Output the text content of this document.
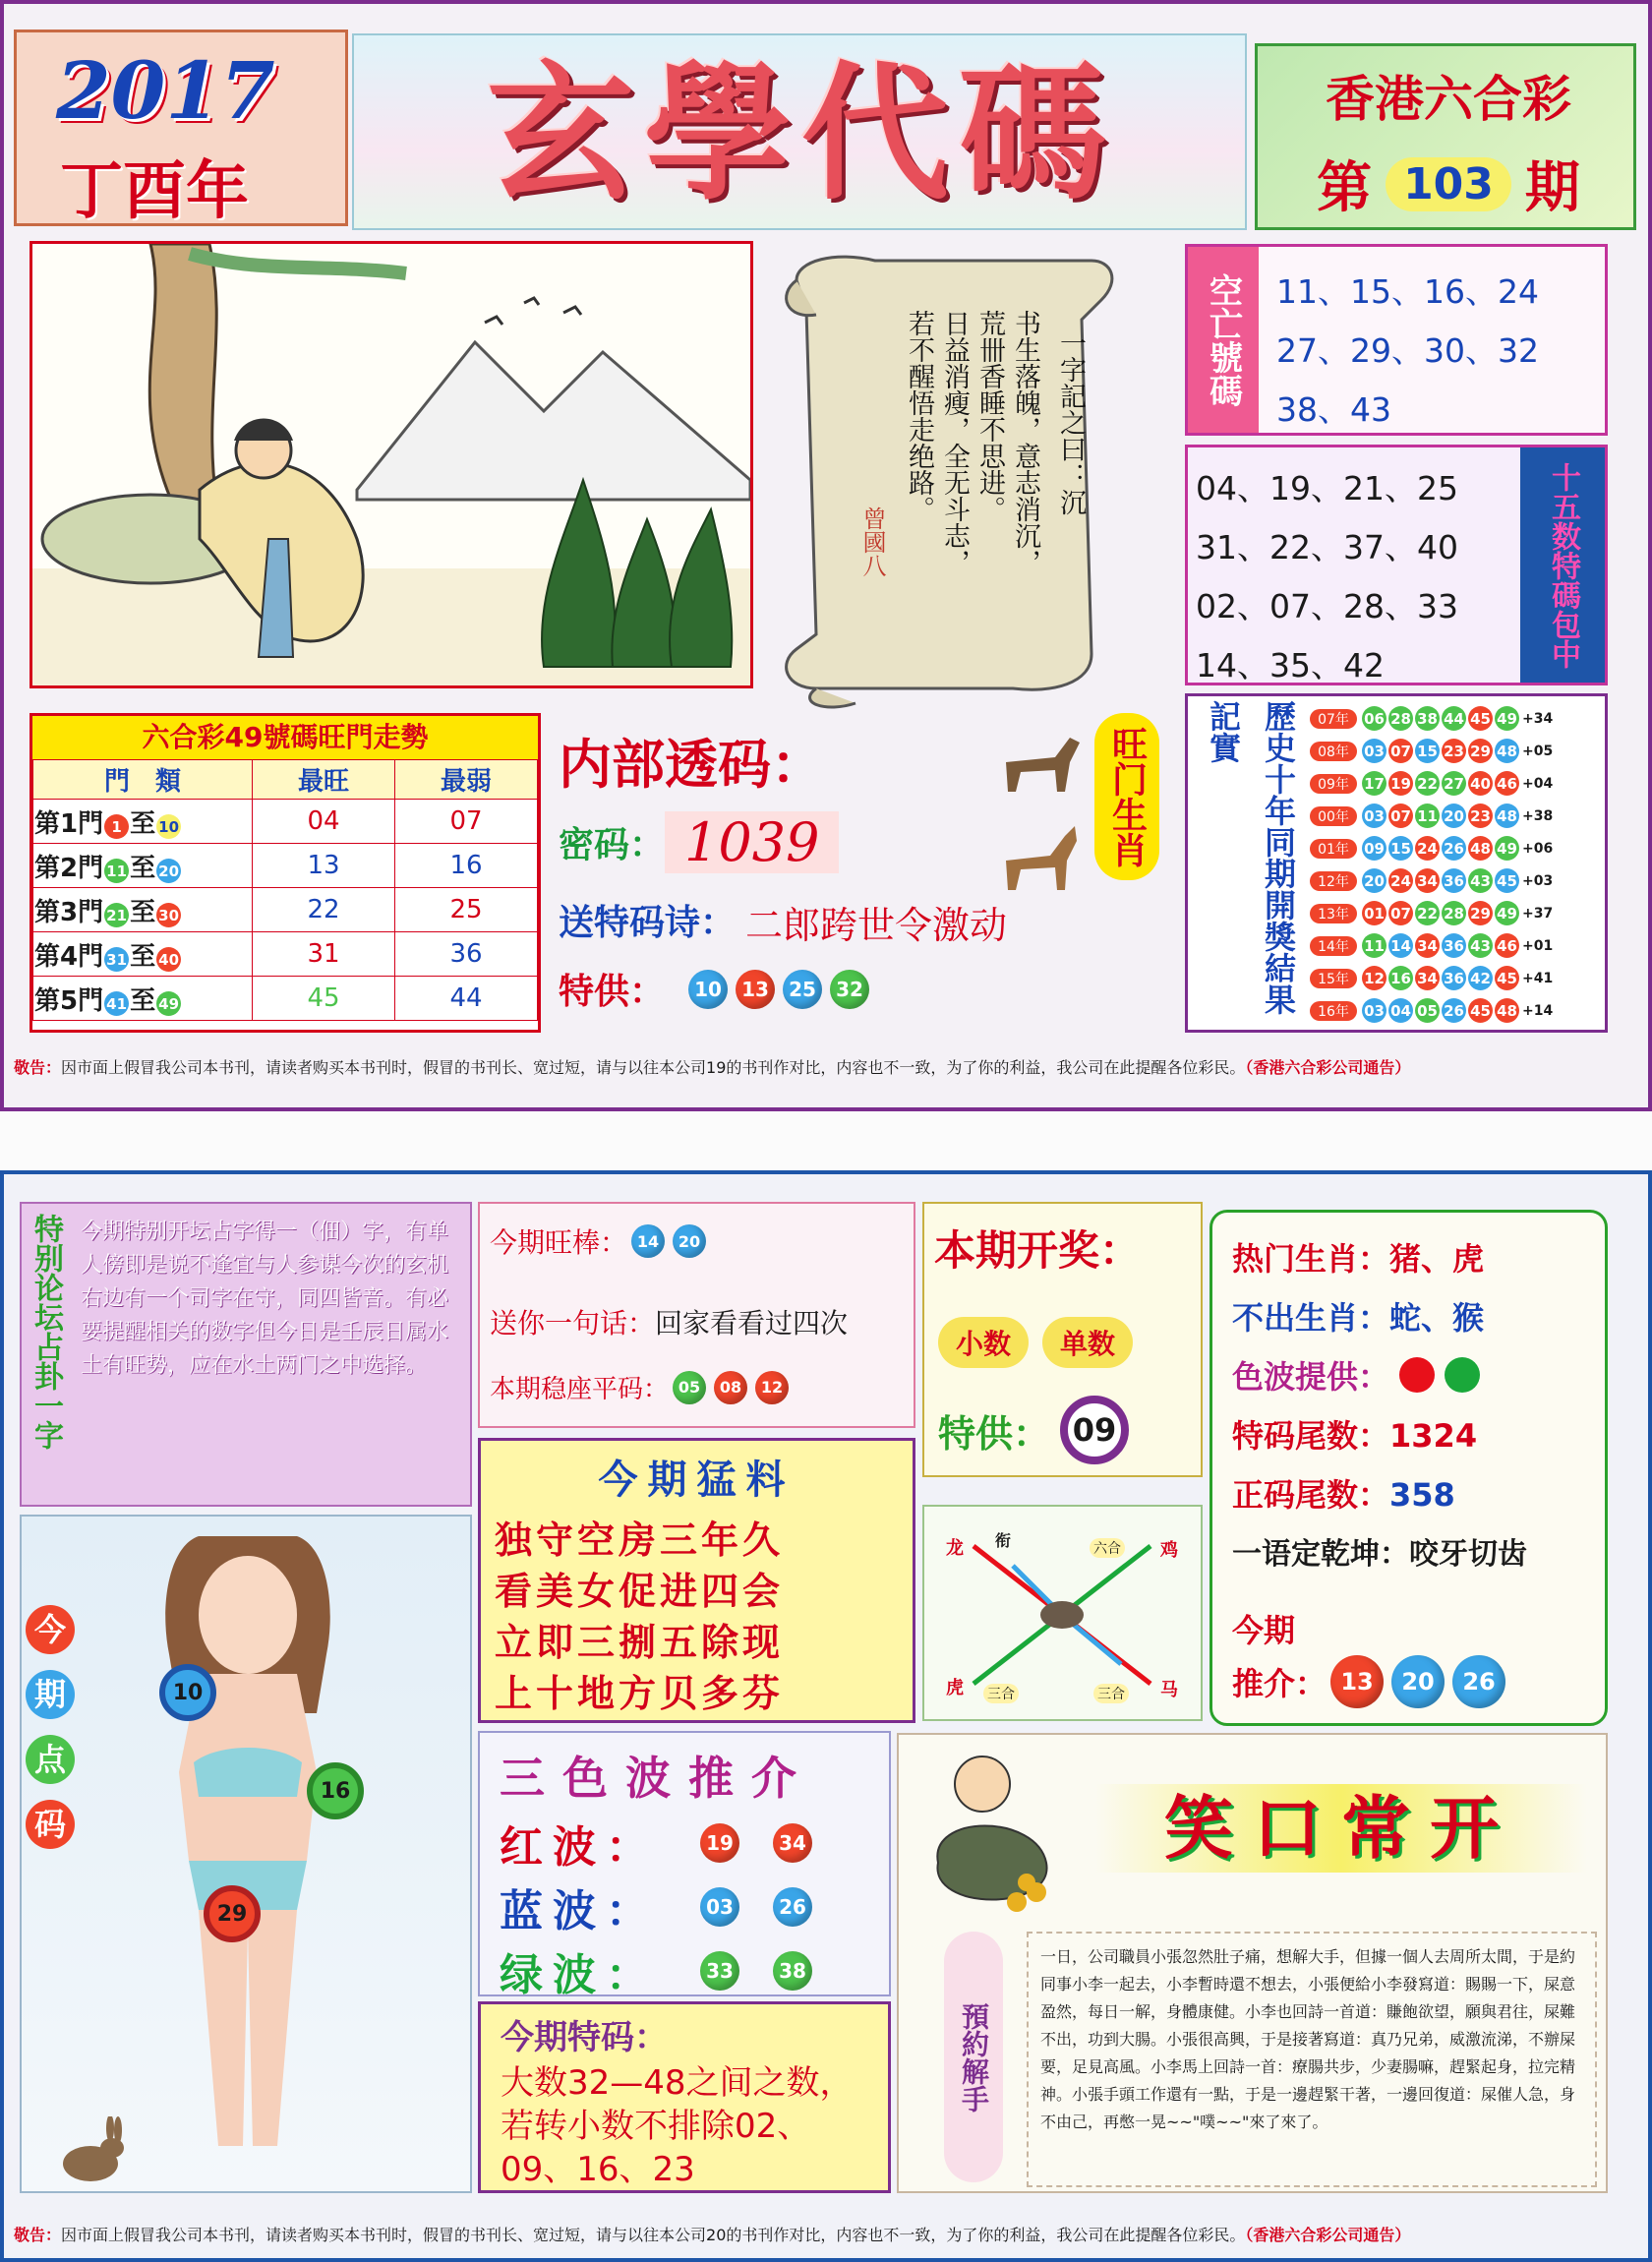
2017
丁酉年	玄學代碼	香港六合彩
第 103 期
一字記之曰：沉
书生落魄，意志消沉，
荒卌香睡不思进。
日益消瘦，全无斗志，
若不醒悟走绝路。
曾國八
空亡號碼	11、15、16、24
27、29、30、32
38、43
04、19、21、25
31、22、37、40
02、07、28、33
14、35、42	十五数特碼包中
六合彩49號碼旺門走勢
門　類	最旺	最弱
第1門 1 至 10	04	07
第2門 11 至 20	13	16
第3門 21 至 30	22	25
第4門 31 至 40	31	36
第5門 41 至 49	45	44
内部透码：
密码： 1039
送特码诗： 二郎跨世令激动
特供：	10	13	25	32
旺门生肖	歷史十年同期開獎結果記實	07年	06 28 38 44 45 49 +34
08年	03 07 15 23 29 48 +05
09年	17 19 22 27 40 46 +04
00年	03 07 11 20 23 48 +38
01年	09 15 24 26 48 49 +06
12年	20 24 34 36 43 45 +03
13年	01 07 22 28 29 49 +37
14年	11 14 34 36 43 46 +01
15年	12 16 34 36 42 45 +41
16年	03 04 05 26 45 48 +14
敬告：因市面上假冒我公司本书刊，请读者购买本书刊时，假冒的书刊长、宽过短，请与以往本公司19的书刊作对比，内容也不一致，为了你的利益，我公司在此提醒各位彩民。（香港六合彩公司通告）
特别论坛占卦一字 今期特别开坛占字得一（佃）字，有单人傍即是说不逢宜与人参谋今次的玄机右边有一个司字在守，同四皆音。有必要提醒相关的数字但今日是壬辰日属水土有旺势，应在水土两门之中选择。
今
期
点
码
10
16
29
今期旺棒： 14	20
送你一句话：回家看看过四次
本期稳座平码： 05	08	12
本期开奖：
小数	单数
特供： 09
热门生肖：猪、虎
不出生肖：蛇、猴
色波提供：
特码尾数：1324
正码尾数：358
一语定乾坤：咬牙切齿
今期
推介： 13	20	26
今期猛料
独守空房三年久
看美女促进四会
立即三捌五除现
上十地方贝多芬
龙 衔	六合 鸡
虎 三合	三合 马
三色波推介
红波：	19	34
蓝波：	03	26
绿波：	33	38
今期特码：
大数32—48之间之数，若转小数不排除02、09、16、23
笑口常开
預約解手
一日，公司職員小張忽然肚子痛，想解大手，但據一個人去周所太間，于是約同事小李一起去，小李暫時還不想去，小張便給小李發寫道：賜賜一下，屎意盈然，每日一解，身體康健。小李也回詩一首道：賺飽欲望，願與君往，屎難不出，功到大腸。小張很高興，于是接著寫道：真乃兄弟，威激流涕，不辦屎要，足見高風。小李馬上回詩一首：療腸共步，少妻腸嘛，趕緊起身，拉完精神。小張手頭工作還有一點，于是一邊趕緊干著，一邊回復道：屎催人急，身不由己，再憋一晃~~"噗~~"來了來了。
敬告：因市面上假冒我公司本书刊，请读者购买本书刊时，假冒的书刊长、宽过短，请与以往本公司20的书刊作对比，内容也不一致，为了你的利益，我公司在此提醒各位彩民。（香港六合彩公司通告）
